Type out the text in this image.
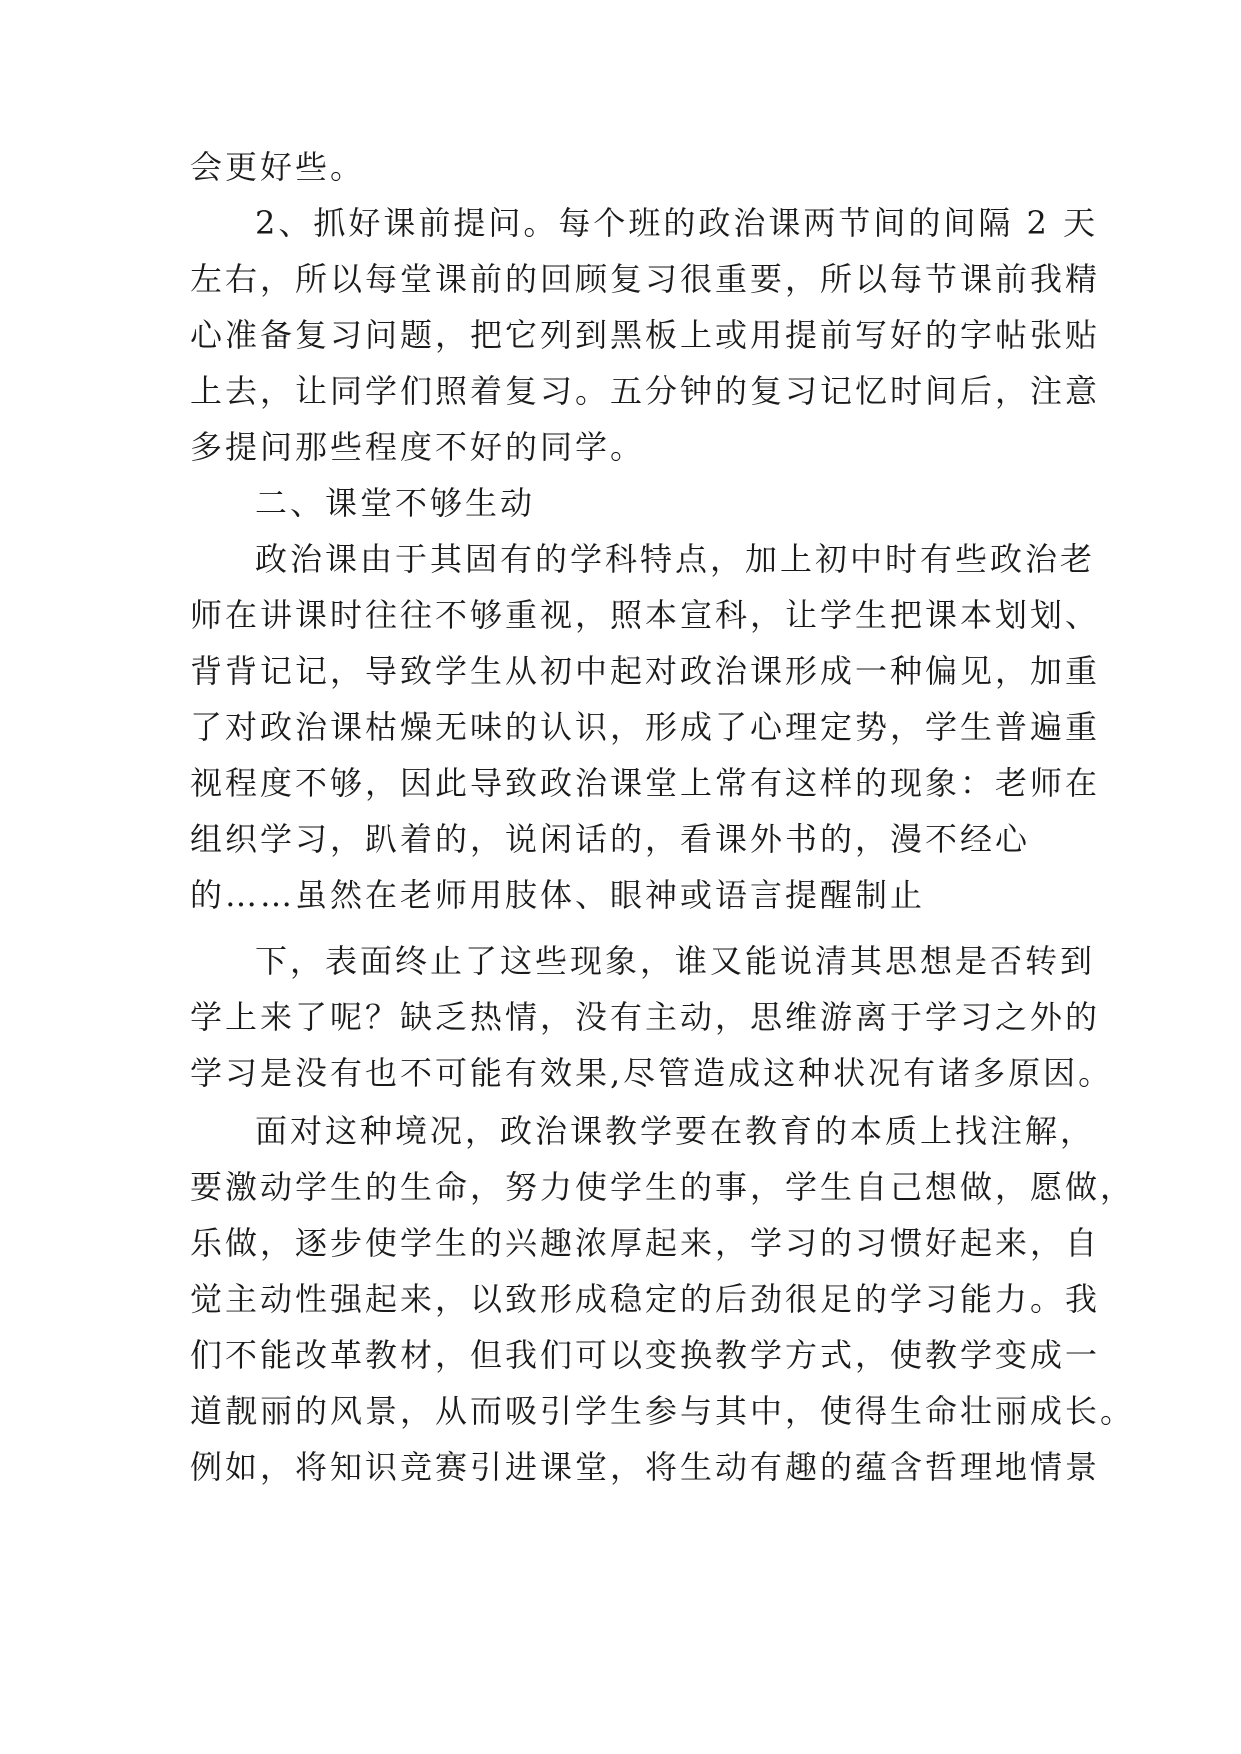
会更好些。
2、抓好课前提问。每个班的政治课两节间的间隔 2 天
左右，所以每堂课前的回顾复习很重要，所以每节课前我精
心准备复习问题，把它列到黑板上或用提前写好的字帖张贴
上去，让同学们照着复习。五分钟的复习记忆时间后，注意
多提问那些程度不好的同学。
二、课堂不够生动
政治课由于其固有的学科特点，加上初中时有些政治老
师在讲课时往往不够重视，照本宣科，让学生把课本划划、
背背记记，导致学生从初中起对政治课形成一种偏见，加重
了对政治课枯燥无味的认识，形成了心理定势，学生普遍重
视程度不够，因此导致政治课堂上常有这样的现象：老师在
组织学习，趴着的，说闲话的，看课外书的，漫不经心
的……虽然在老师用肢体、眼神或语言提醒制止
下，表面终止了这些现象，谁又能说清其思想是否转到
学上来了呢？缺乏热情，没有主动，思维游离于学习之外的
学习是没有也不可能有效果,尽管造成这种状况有诸多原因。
面对这种境况，政治课教学要在教育的本质上找注解，
要激动学生的生命，努力使学生的事，学生自己想做，愿做，
乐做，逐步使学生的兴趣浓厚起来，学习的习惯好起来，自
觉主动性强起来，以致形成稳定的后劲很足的学习能力。我
们不能改革教材，但我们可以变换教学方式，使教学变成一
道靓丽的风景，从而吸引学生参与其中，使得生命壮丽成长。
例如，将知识竞赛引进课堂，将生动有趣的蕴含哲理地情景
